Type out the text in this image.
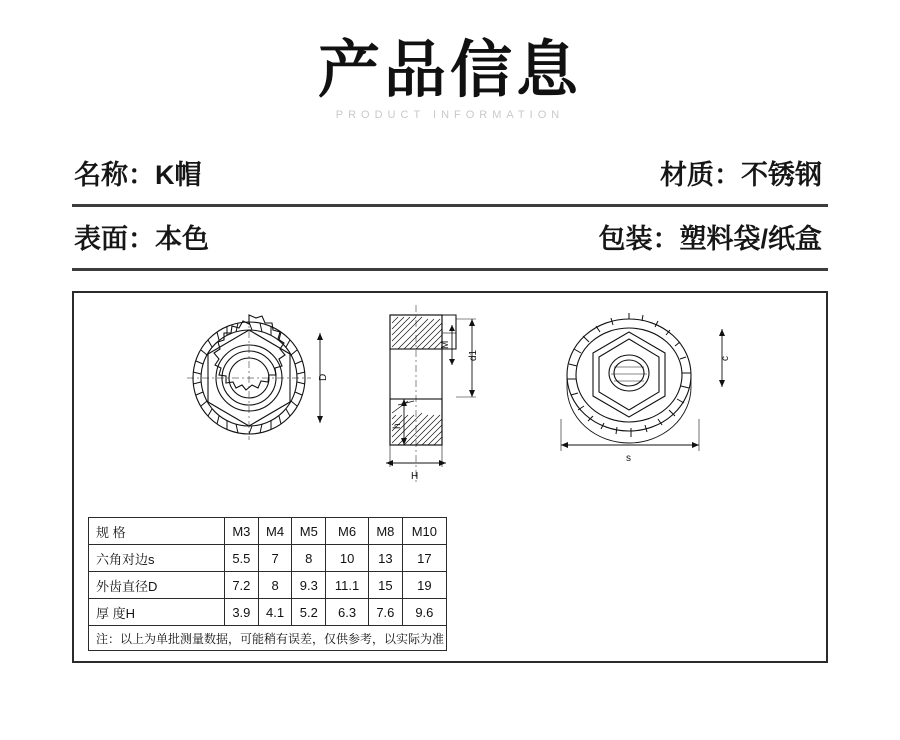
产品信息
PRODUCT INFORMATION
名称：K帽	材质：不锈钢
表面：本色	包装：塑料袋/纸盒
D
d1
M
h
H
c
s
规 格	M3	M4	M5	M6	M8	M10
六角对边s	5.5	7	8	10	13	17
外齿直径D	7.2	8	9.3	11.1	15	19
厚 度H	3.9	4.1	5.2	6.3	7.6	9.6
注：以上为单批测量数据，可能稍有误差，仅供参考，以实际为准						
